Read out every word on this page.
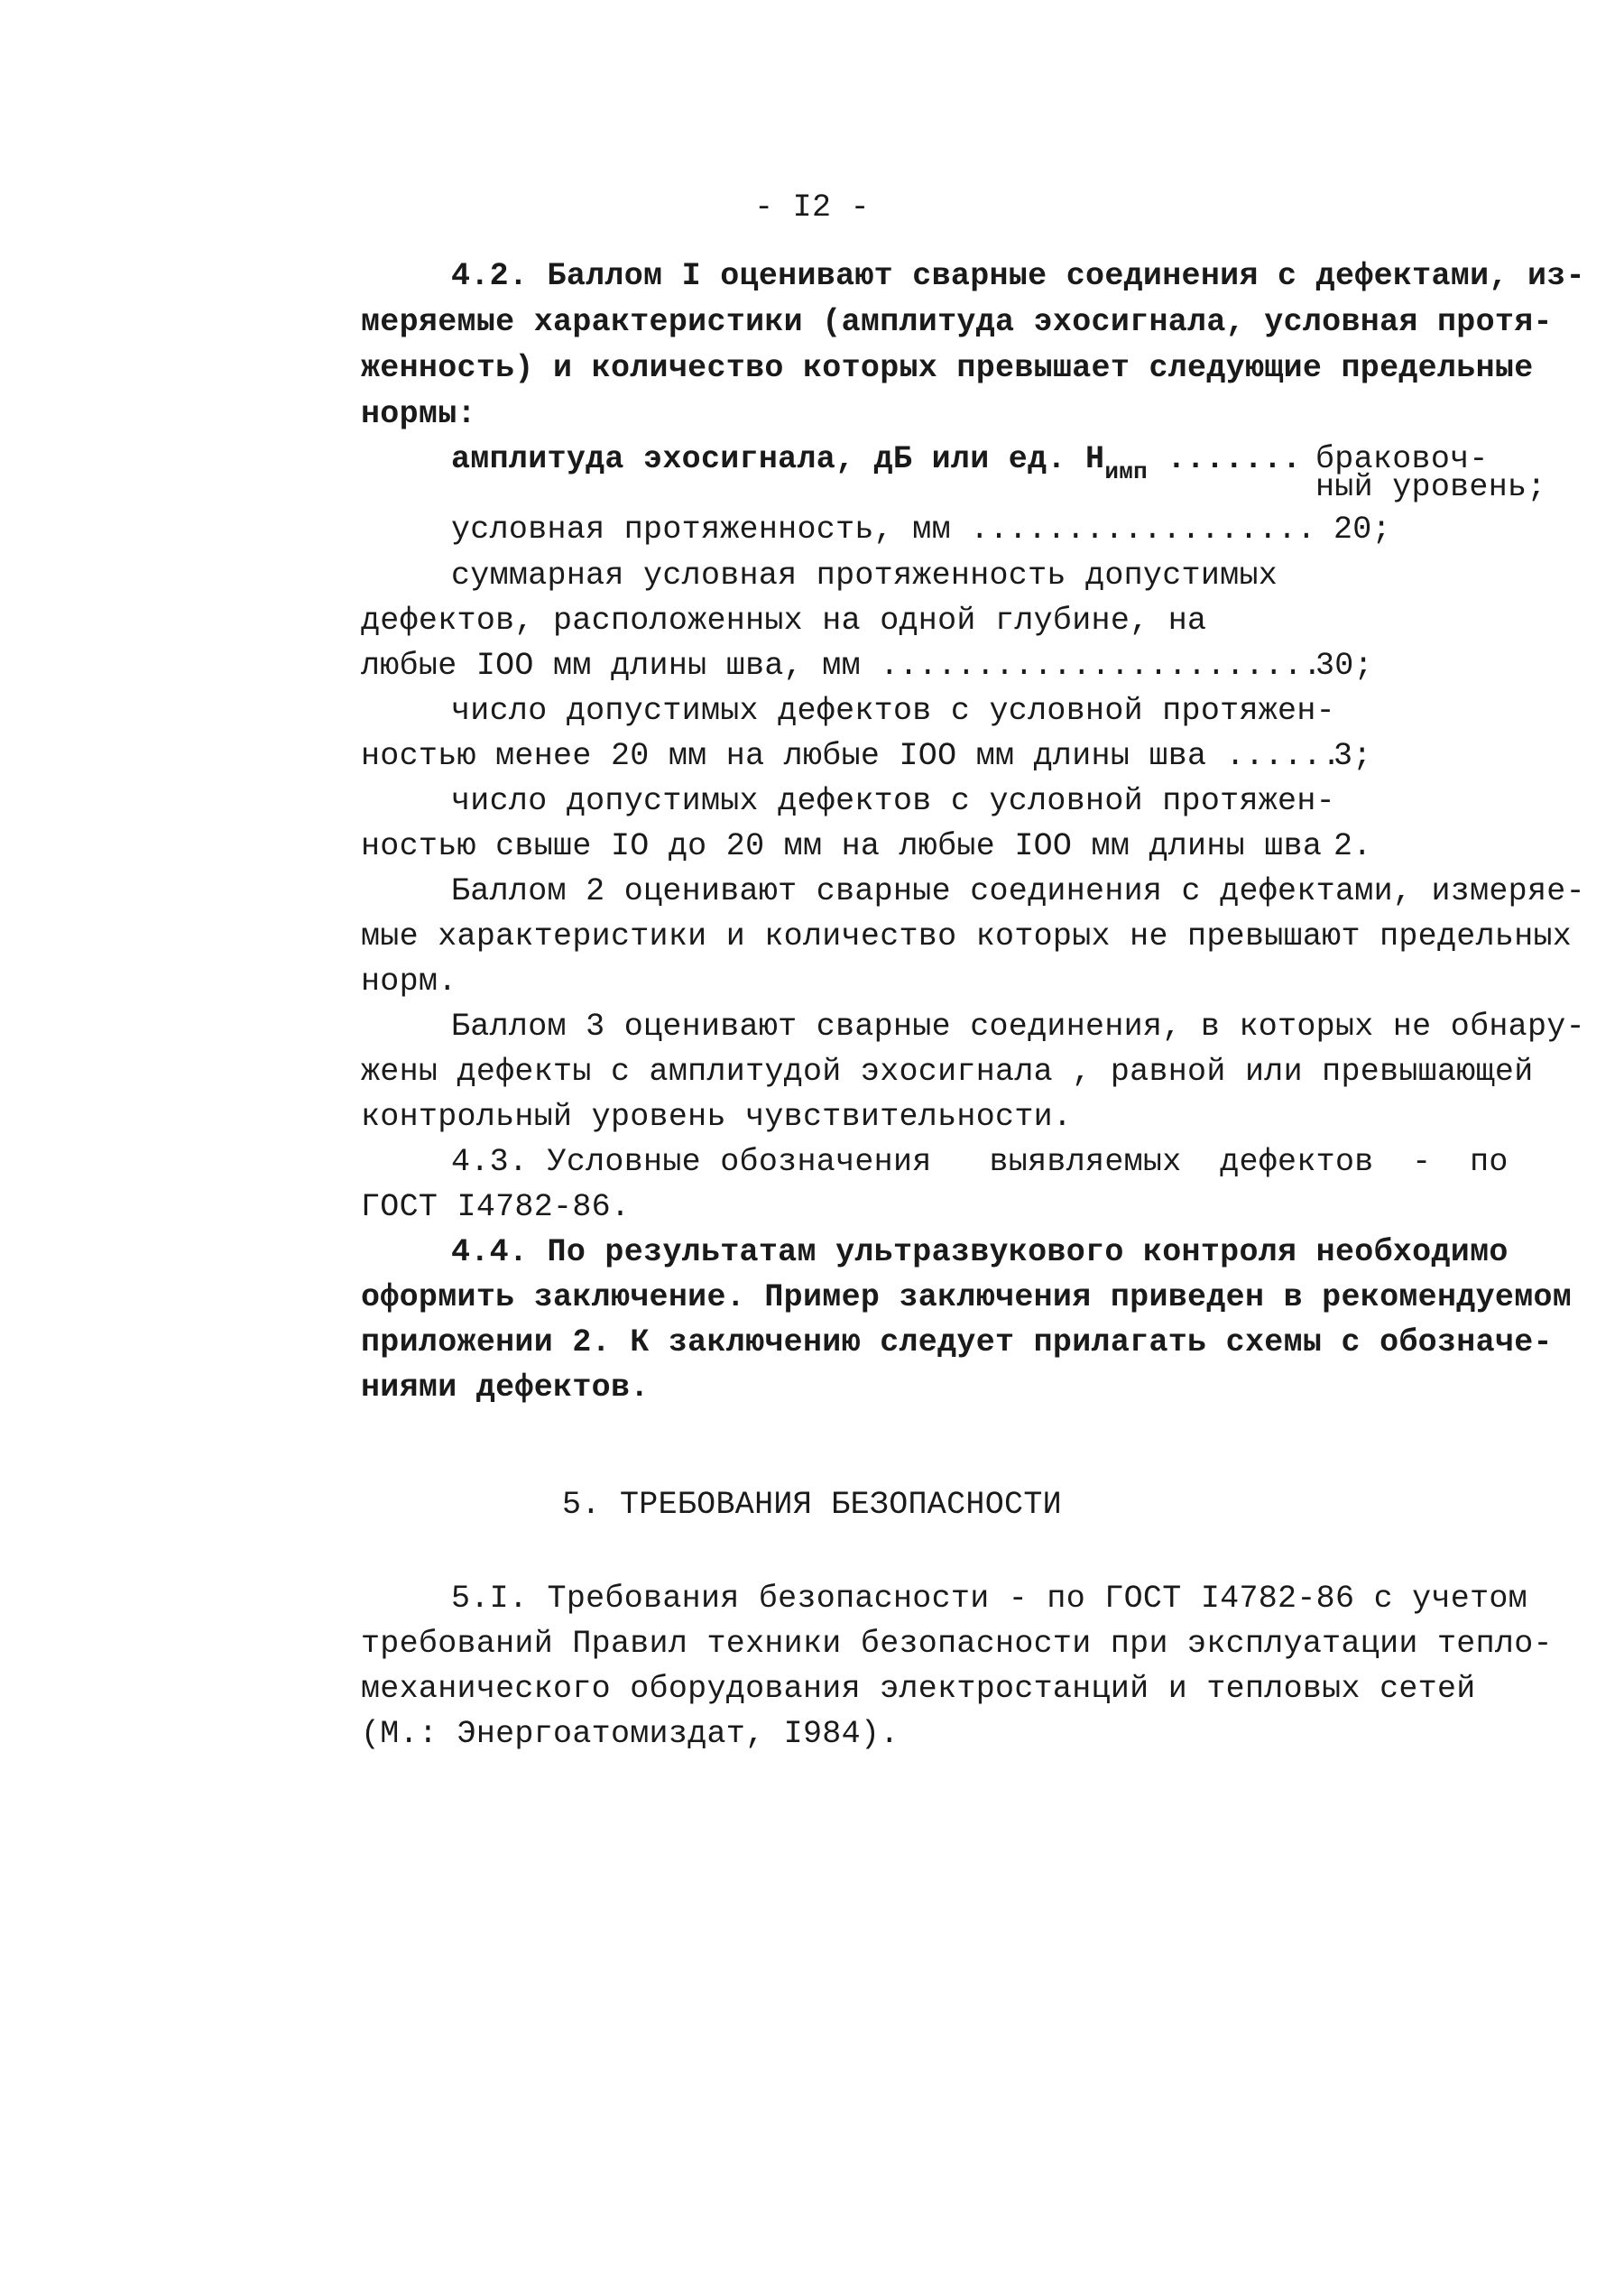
- I2 -
4.2. Баллом I оценивают сварные соединения с дефектами, из-
меряемые характеристики (амплитуда эхосигнала, условная протя-
женность) и количество которых превышает следующие предельные
нормы:
амплитуда эхосигнала, дБ или ед. $H_{имп}$ ....... браковоч-
ный уровень;
условная протяженность, мм .................. 20;
суммарная условная протяженность допустимых
дефектов, расположенных на одной глубине, на
любые IOO мм длины шва, мм .......................
30;
число допустимых дефектов с условной протяжен-
ностью менее 20 мм на любые IOO мм длины шва ......
3;
число допустимых дефектов с условной протяжен-
ностью свыше IO до 20 мм на любые IOO мм длины шва 2.
Баллом 2 оценивают сварные соединения с дефектами, измеряе-
мые характеристики и количество которых не превышают предельных
норм.
Баллом 3 оценивают сварные соединения, в которых не обнару-
жены дефекты с амплитудой эхосигнала , равной или превышающей
контрольный уровень чувствительности.
4.3. Условные обозначения   выявляемых  дефектов  -  по
ГОСТ I4782-86.
4.4. По результатам ультразвукового контроля необходимо
оформить заключение. Пример заключения приведен в рекомендуемом
приложении 2. К заключению следует прилагать схемы с обозначе-
ниями дефектов.
5. ТРЕБОВАНИЯ БЕЗОПАСНОСТИ
5.I. Требования безопасности - по ГОСТ I4782-86 с учетом
требований Правил техники безопасности при эксплуатации тепло-
механического оборудования электростанций и тепловых сетей
(М.: Энергоатомиздат, I984).
